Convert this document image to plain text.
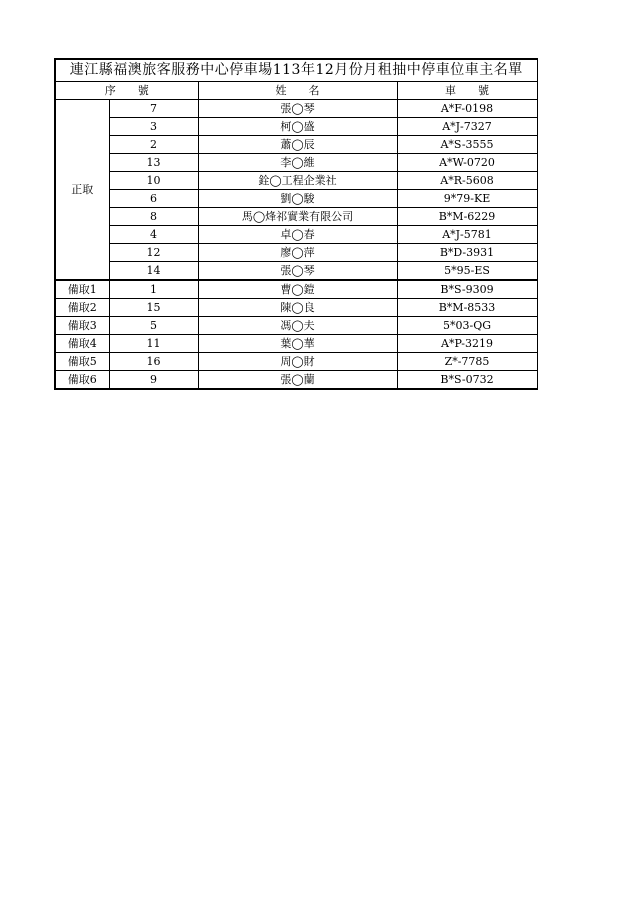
連江縣福澳旅客服務中心停車場113年12月份月租抽中停車位車主名單			
序　　號		姓　　名	車　　號
正取	7	張◯琴	A*F-0198
	3	柯◯盛	A*J-7327
	2	蕭◯辰	A*S-3555
	13	李◯維	A*W-0720
	10	銓◯工程企業社	A*R-5608
	6	劉◯駿	9*79-KE
	8	馬◯烽祁實業有限公司	B*M-6229
	4	卓◯春	A*J-5781
	12	廖◯萍	B*D-3931
	14	張◯琴	5*95-ES
備取1	1	曹◯鎧	B*S-9309
備取2	15	陳◯良	B*M-8533
備取3	5	馮◯夫	5*03-QG
備取4	11	葉◯華	A*P-3219
備取5	16	周◯財	Z*-7785
備取6	9	張◯蘭	B*S-0732
